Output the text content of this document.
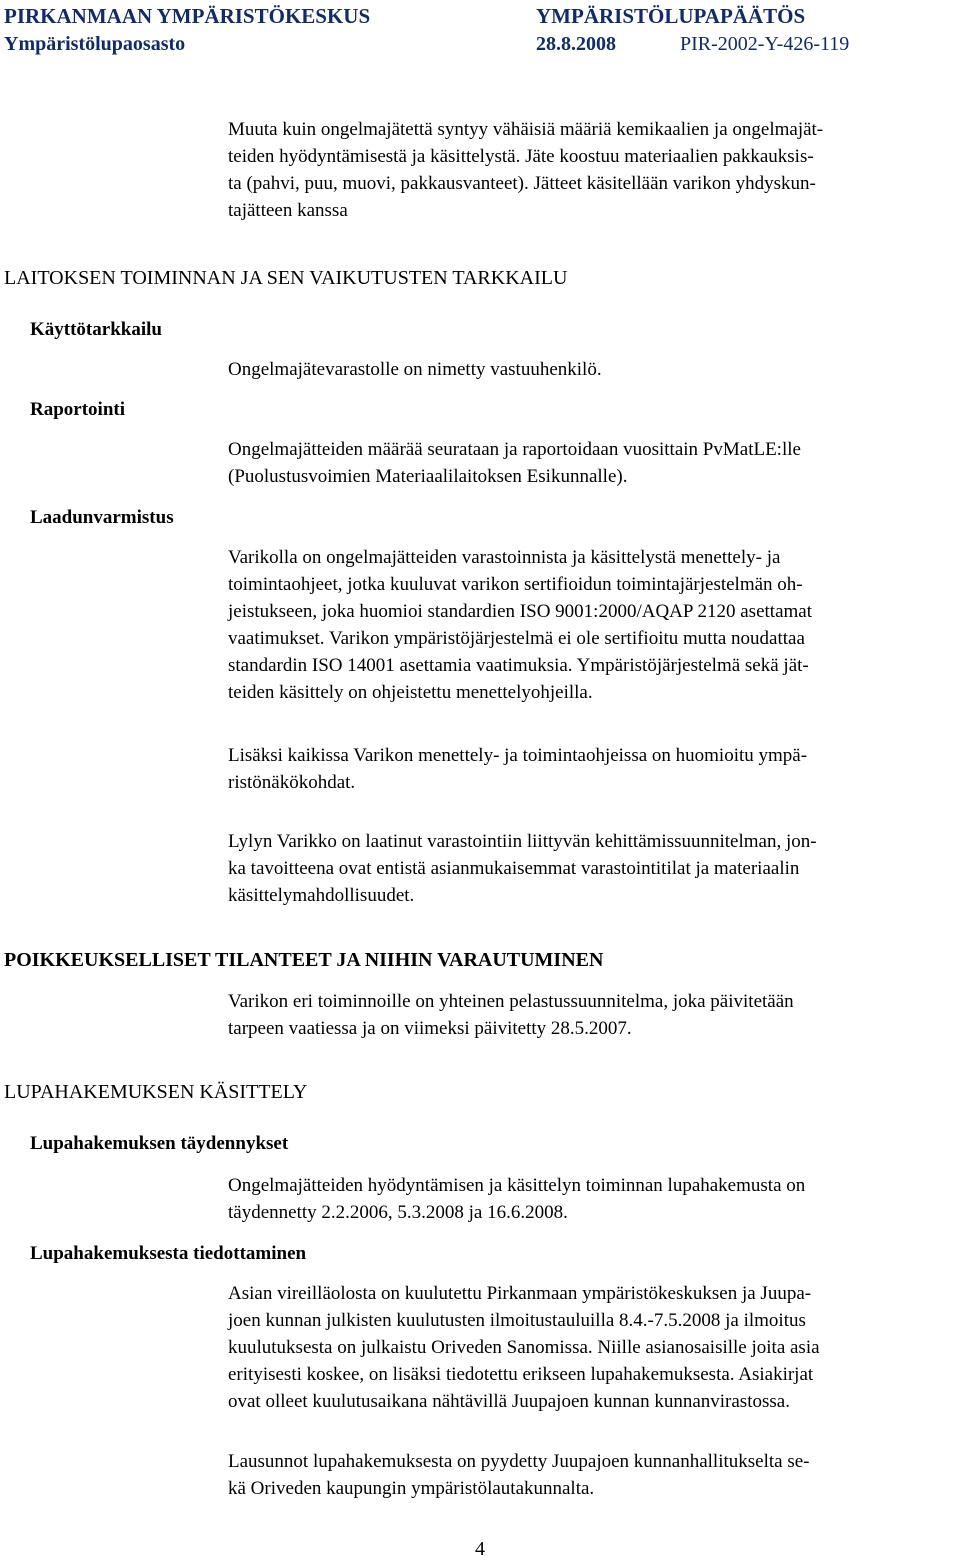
PIRKANMAAN YMPÄRISTÖKESKUS	YMPÄRISTÖLUPAPÄÄTÖS
Ympäristölupaosasto	28.8.2008	PIR-2002-Y-426-119
Muuta kuin ongelmajätettä syntyy vähäisiä määriä kemikaalien ja ongelmajät-
teiden hyödyntämisestä ja käsittelystä. Jäte koostuu materiaalien pakkauksis-
ta (pahvi, puu, muovi, pakkausvanteet). Jätteet käsitellään varikon yhdyskun-
tajätteen kanssa
LAITOKSEN TOIMINNAN JA SEN VAIKUTUSTEN TARKKAILU
Käyttötarkkailu
Raportointi
Laadunvarmistus
Ongelmajätevarastolle on nimetty vastuuhenkilö.
Ongelmajätteiden määrää seurataan ja raportoidaan vuosittain PvMatLE:lle
(Puolustusvoimien Materiaalilaitoksen Esikunnalle).
Varikolla on ongelmajätteiden varastoinnista ja käsittelystä menettely- ja
toimintaohjeet, jotka kuuluvat varikon sertifioidun toimintajärjestelmän oh-
jeistukseen, joka huomioi standardien ISO 9001:2000/AQAP 2120 asettamat
vaatimukset. Varikon ympäristöjärjestelmä ei ole sertifioitu mutta noudattaa
standardin ISO 14001 asettamia vaatimuksia. Ympäristöjärjestelmä sekä jät-
teiden käsittely on ohjeistettu menettelyohjeilla.
Lisäksi kaikissa Varikon menettely- ja toimintaohjeissa on huomioitu ympä-
ristönäkökohdat.
Lylyn Varikko on laatinut varastointiin liittyvän kehittämissuunnitelman, jon-
ka tavoitteena ovat entistä asianmukaisemmat varastointitilat ja materiaalin
käsittelymahdollisuudet.
POIKKEUKSELLISET TILANTEET JA NIIHIN VARAUTUMINEN
Varikon eri toiminnoille on yhteinen pelastussuunnitelma, joka päivitetään
tarpeen vaatiessa ja on viimeksi päivitetty 28.5.2007.
LUPAHAKEMUKSEN KÄSITTELY
Lupahakemuksen täydennykset
Ongelmajätteiden hyödyntämisen ja käsittelyn toiminnan lupahakemusta on
täydennetty 2.2.2006, 5.3.2008 ja 16.6.2008.
Lupahakemuksesta tiedottaminen
Asian vireilläolosta on kuulutettu Pirkanmaan ympäristökeskuksen ja Juupa-
joen kunnan julkisten kuulutusten ilmoitustauluilla 8.4.-7.5.2008 ja ilmoitus
kuulutuksesta on julkaistu Oriveden Sanomissa. Niille asianosaisille joita asia
erityisesti koskee, on lisäksi tiedotettu erikseen lupahakemuksesta. Asiakirjat
ovat olleet kuulutusaikana nähtävillä Juupajoen kunnan kunnanvirastossa.
Lausunnot lupahakemuksesta on pyydetty Juupajoen kunnanhallitukselta se-
kä Oriveden kaupungin ympäristölautakunnalta.
4
